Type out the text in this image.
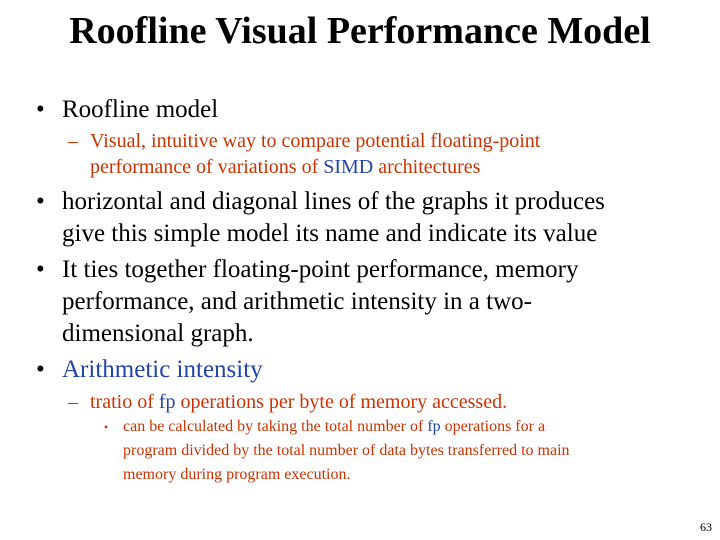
Roofline Visual Performance Model
• Roofline model
– Visual, intuitive way to compare potential floating-point
performance of variations of SIMD architectures
• horizontal and diagonal lines of the graphs it produces
give this simple model its name and indicate its value
• It ties together floating-point performance, memory
performance, and arithmetic intensity in a two-
dimensional graph.
• Arithmetic intensity
– tratio of fp operations per byte of memory accessed.
• can be calculated by taking the total number of fp operations for a
program divided by the total number of data bytes transferred to main
memory during program execution.
63
